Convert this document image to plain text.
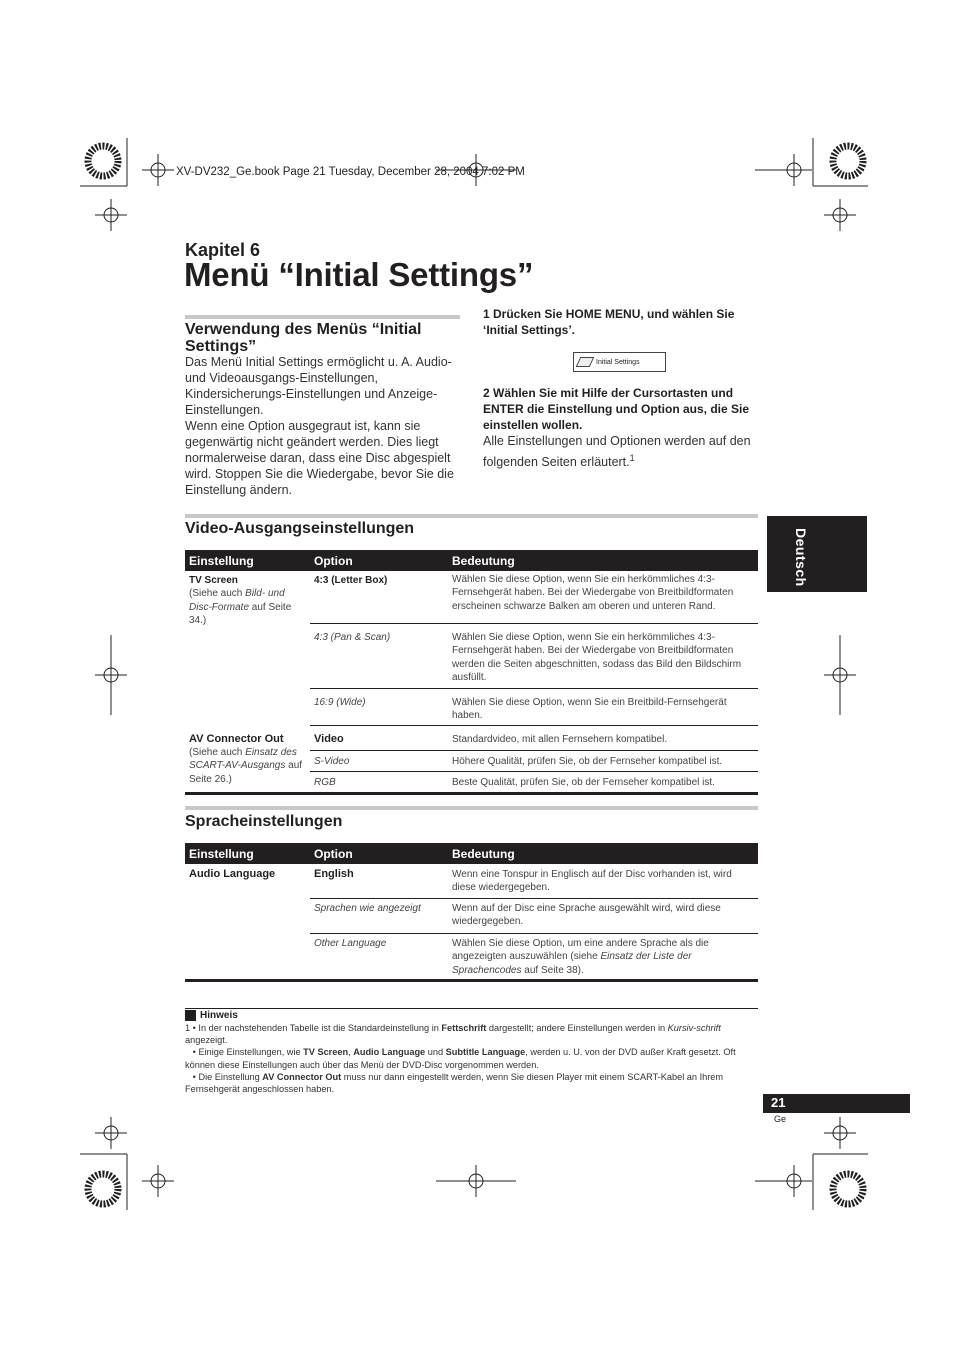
XV-DV232_Ge.book Page 21 Tuesday, December 28, 2004 7:02 PM
Kapitel 6
Menü “Initial Settings”
Verwendung des Menüs “Initial Settings”
Das Menü Initial Settings ermöglicht u. A. Audio- und Videoausgangs-Einstellungen, Kindersicherungs-Einstellungen und Anzeige-Einstellungen.
Wenn eine Option ausgegraut ist, kann sie gegenwärtig nicht geändert werden. Dies liegt normalerweise daran, dass eine Disc abgespielt wird. Stoppen Sie die Wiedergabe, bevor Sie die Einstellung ändern.
1 Drücken Sie HOME MENU, und wählen Sie ‘Initial Settings’.
Initial Settings
2 Wählen Sie mit Hilfe der Cursortasten und ENTER die Einstellung und Option aus, die Sie einstellen wollen.
Alle Einstellungen und Optionen werden auf den folgenden Seiten erläutert.$^1$
Deutsch
Video-Ausgangseinstellungen
Einstellung	Option	Bedeutung

TV Screen
(Siehe auch Bild- und Disc-Formate auf Seite 34.)	4:3 (Letter Box)	Wählen Sie diese Option, wenn Sie ein herkömmliches 4:3-Fernsehgerät haben. Bei der Wiedergabe von Breitbildformaten erscheinen schwarze Balken am oberen und unteren Rand.
	4:3 (Pan & Scan)	Wählen Sie diese Option, wenn Sie ein herkömmliches 4:3-Fernsehgerät haben. Bei der Wiedergabe von Breitbildformaten werden die Seiten abgeschnitten, sodass das Bild den Bildschirm ausfüllt.
	16:9 (Wide)	Wählen Sie diese Option, wenn Sie ein Breitbild-Fernsehgerät haben.

AV Connector Out
(Siehe auch Einsatz des SCART-AV-Ausgangs auf Seite 26.)	Video	Standardvideo, mit allen Fernsehern kompatibel.
	S-Video	Höhere Qualität, prüfen Sie, ob der Fernseher kompatibel ist.
	RGB	Beste Qualität, prüfen Sie, ob der Fernseher kompatibel ist.
Spracheinstellungen
Einstellung	Option	Bedeutung
Audio Language	English	Wenn eine Tonspur in Englisch auf der Disc vorhanden ist, wird diese wiedergegeben.
	Sprachen wie angezeigt	Wenn auf der Disc eine Sprache ausgewählt wird, wird diese wiedergegeben.
	Other Language	Wählen Sie diese Option, um eine andere Sprache als die angezeigten auszuwählen (siehe Einsatz der Liste der Sprachencodes auf Seite 38).
Hinweis
1 • In der nachstehenden Tabelle ist die Standardeinstellung in Fettschrift dargestellt; andere Einstellungen werden in Kursiv-schrift angezeigt.
• Einige Einstellungen, wie TV Screen, Audio Language und Subtitle Language, werden u. U. von der DVD außer Kraft gesetzt. Oft können diese Einstellungen auch über das Menü der DVD-Disc vorgenommen werden.
• Die Einstellung AV Connector Out muss nur dann eingestellt werden, wenn Sie diesen Player mit einem SCART-Kabel an Ihrem Fernsehgerät angeschlossen haben.
21
Ge
